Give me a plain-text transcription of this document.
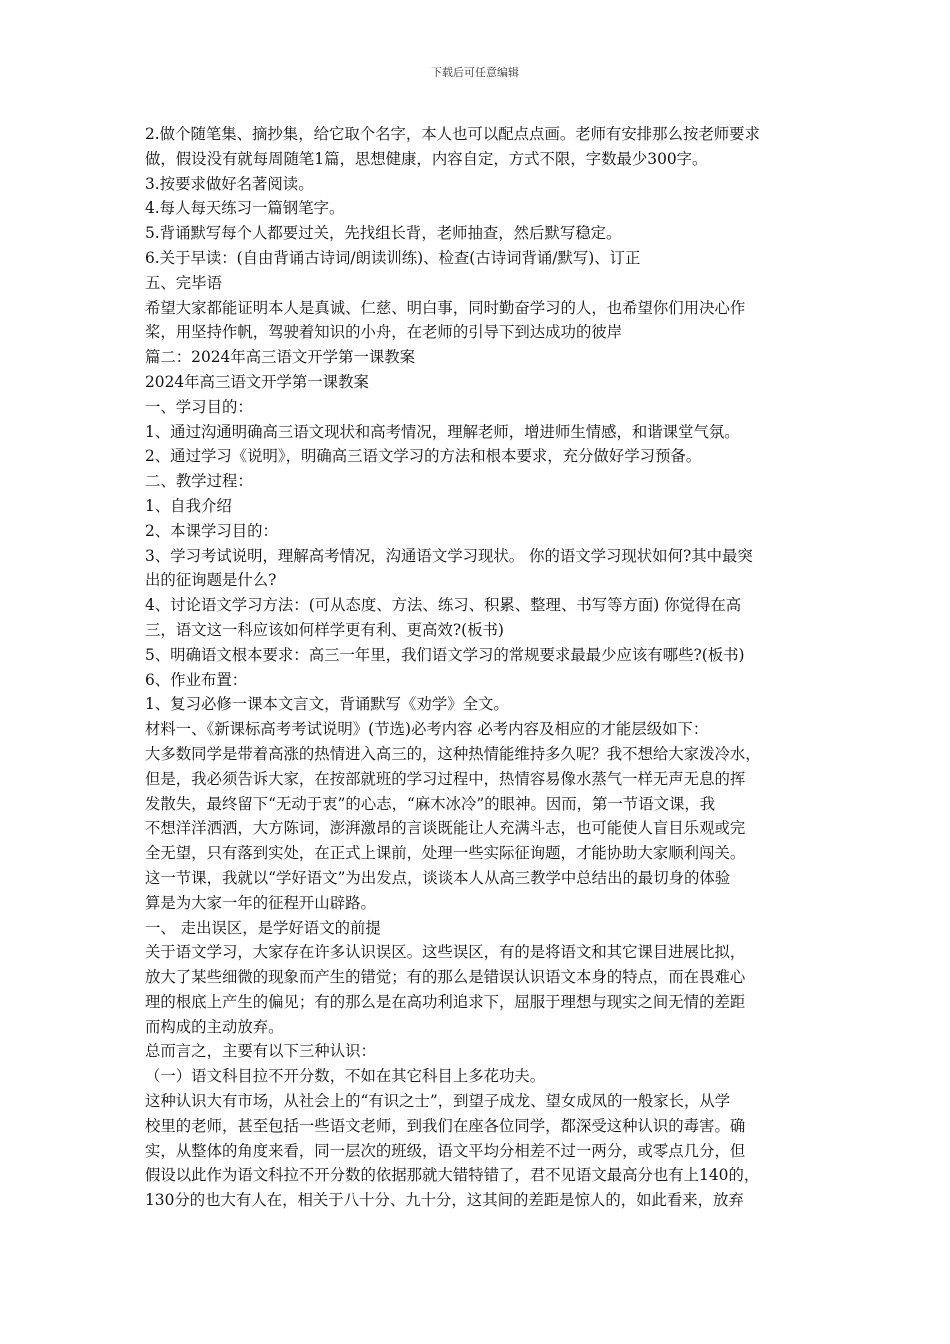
下载后可任意编辑
2.做个随笔集、摘抄集，给它取个名字，本人也可以配点点画。老师有安排那么按老师要求
做，假设没有就每周随笔1篇，思想健康，内容自定，方式不限，字数最少300字。
3.按要求做好名著阅读。
4.每人每天练习一篇钢笔字。
5.背诵默写每个人都要过关，先找组长背，老师抽查，然后默写稳定。
6.关于早读：(自由背诵古诗词/朗读训练)、检查(古诗词背诵/默写)、订正
五、完毕语
希望大家都能证明本人是真诚、仁慈、明白事，同时勤奋学习的人，也希望你们用决心作
桨，用坚持作帆，驾驶着知识的小舟，在老师的引导下到达成功的彼岸
篇二：2024年高三语文开学第一课教案
2024年高三语文开学第一课教案
一、学习目的：
1、通过沟通明确高三语文现状和高考情况，理解老师，增进师生情感，和谐课堂气氛。
2、通过学习《说明》，明确高三语文学习的方法和根本要求，充分做好学习预备。
二、教学过程：
1、自我介绍
2、本课学习目的：
3、学习考试说明，理解高考情况，沟通语文学习现状。 你的语文学习现状如何?其中最突
出的征询题是什么?
4、讨论语文学习方法：(可从态度、方法、练习、积累、整理、书写等方面) 你觉得在高
三，语文这一科应该如何样学更有利、更高效?(板书)
5、明确语文根本要求：高三一年里，我们语文学习的常规要求最最少应该有哪些?(板书)
6、作业布置：
1、复习必修一课本文言文，背诵默写《劝学》全文。
材料一、《新课标高考考试说明》(节选)必考内容 必考内容及相应的才能层级如下：
大多数同学是带着高涨的热情进入高三的，这种热情能维持多久呢？我不想给大家泼冷水，
但是，我必须告诉大家，在按部就班的学习过程中，热情容易像水蒸气一样无声无息的挥
发散失，最终留下“无动于衷”的心志，“麻木冰冷”的眼神。因而，第一节语文课，我
不想洋洋洒洒，大方陈词，澎湃激昂的言谈既能让人充满斗志，也可能使人盲目乐观或完
全无望，只有落到实处，在正式上课前，处理一些实际征询题，才能协助大家顺利闯关。
这一节课，我就以“学好语文”为出发点，谈谈本人从高三教学中总结出的最切身的体验
算是为大家一年的征程开山辟路。
一、 走出误区，是学好语文的前提
关于语文学习，大家存在许多认识误区。这些误区，有的是将语文和其它课目进展比拟，
放大了某些细微的现象而产生的错觉；有的那么是错误认识语文本身的特点，而在畏难心
理的根底上产生的偏见；有的那么是在高功利追求下，屈服于理想与现实之间无情的差距
而构成的主动放弃。
总而言之，主要有以下三种认识：
（一）语文科目拉不开分数，不如在其它科目上多花功夫。
这种认识大有市场，从社会上的“有识之士”，到望子成龙、望女成凤的一般家长，从学
校里的老师，甚至包括一些语文老师，到我们在座各位同学，都深受这种认识的毒害。确
实，从整体的角度来看，同一层次的班级，语文平均分相差不过一两分，或零点几分，但
假设以此作为语文科拉不开分数的依据那就大错特错了，君不见语文最高分也有上140的，
130分的也大有人在，相关于八十分、九十分，这其间的差距是惊人的，如此看来，放弃
